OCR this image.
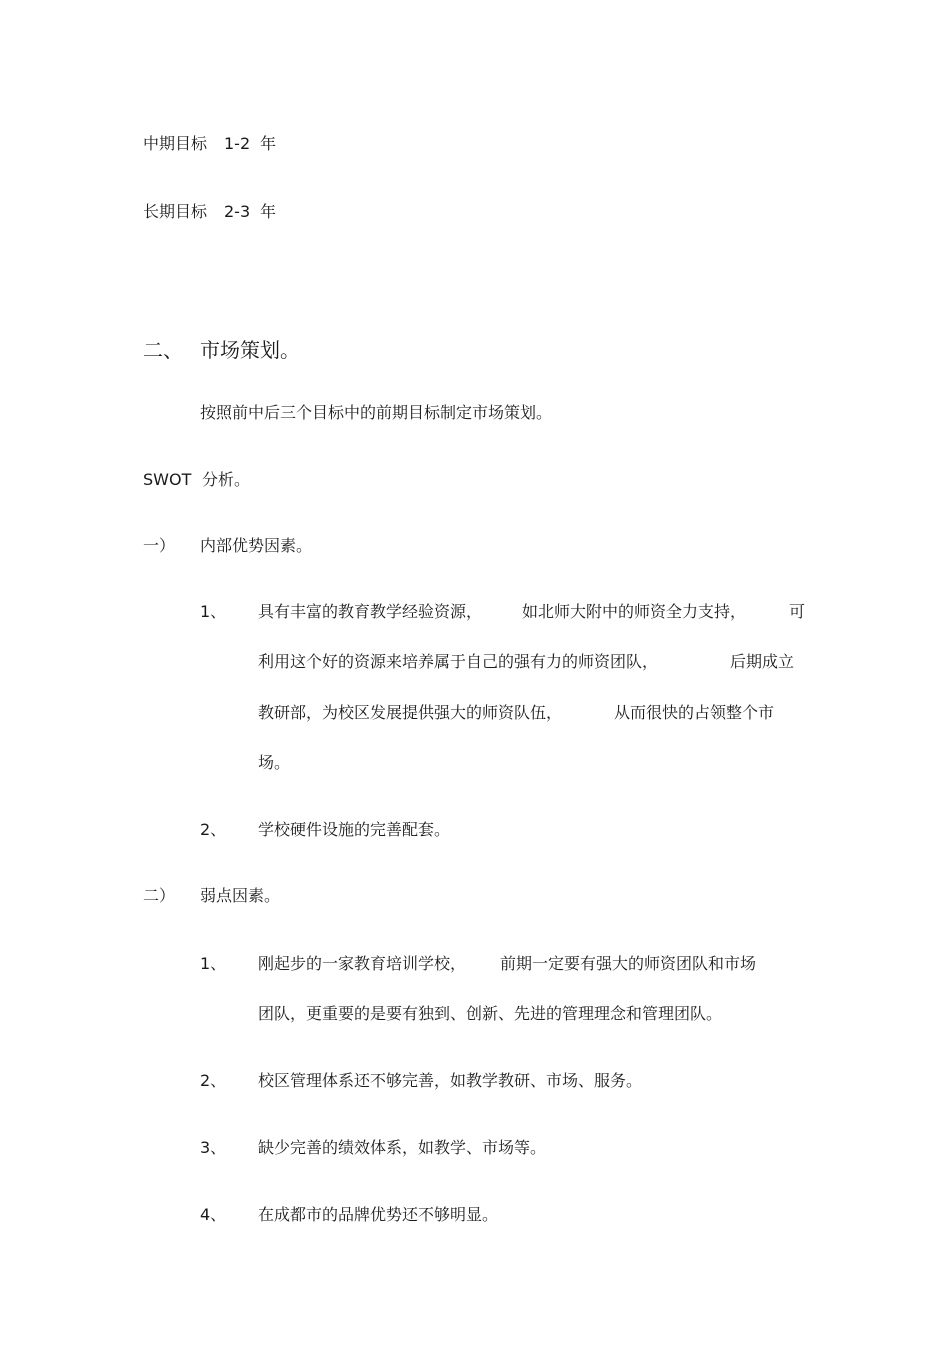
中期目标 1-2 年
长期目标 2-3 年
二、 市场策划。
按照前中后三个目标中的前期目标制定市场策划。
SWOT 分析。
一） 内部优势因素。
1、 具有丰富的教育教学经验资源， 如北师大附中的师资全力支持，	可
利用这个好的资源来培养属于自己的强有力的师资团队，	后期成立
教研部，为校区发展提供强大的师资队伍，	从而很快的占领整个市
场。
2、 学校硬件设施的完善配套。
二） 弱点因素。
1、 刚起步的一家教育培训学校， 前期一定要有强大的师资团队和市场
团队，更重要的是要有独到、创新、先进的管理理念和管理团队。
2、 校区管理体系还不够完善，如教学教研、市场、服务。
3、 缺少完善的绩效体系，如教学、市场等。
4、 在成都市的品牌优势还不够明显。
